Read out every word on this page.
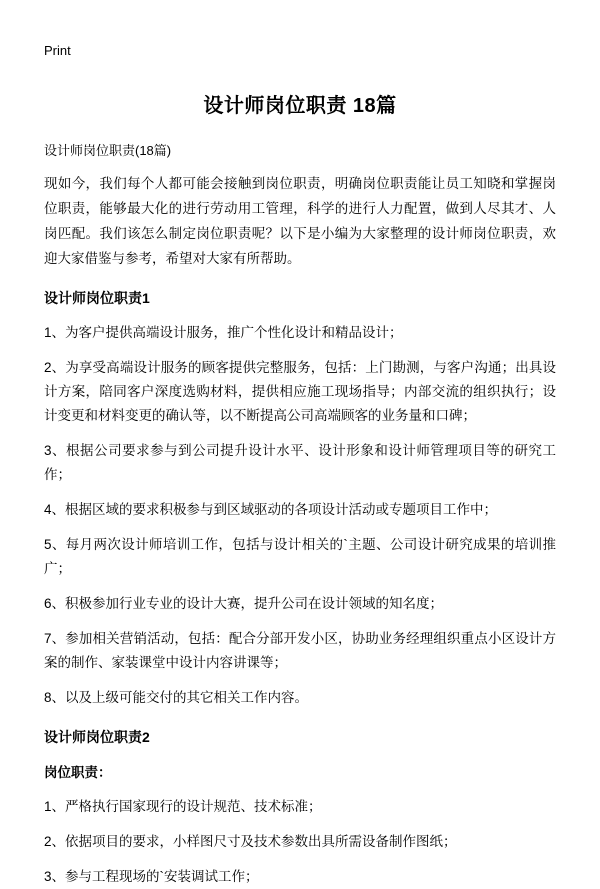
Print
设计师岗位职责 18篇
设计师岗位职责(18篇)

现如今，我们每个人都可能会接触到岗位职责，明确岗位职责能让员工知晓和掌握岗位职责，能够最大化的进行劳动用工管理，科学的进行人力配置，做到人尽其才、人岗匹配。我们该怎么制定岗位职责呢？以下是小编为大家整理的设计师岗位职责，欢迎大家借鉴与参考，希望对大家有所帮助。

设计师岗位职责1

1、为客户提供高端设计服务，推广个性化设计和精品设计；

2、为享受高端设计服务的顾客提供完整服务，包括：上门勘测，与客户沟通；出具设计方案，陪同客户深度选购材料，提供相应施工现场指导；内部交流的组织执行；设计变更和材料变更的确认等，以不断提高公司高端顾客的业务量和口碑；

3、根据公司要求参与到公司提升设计水平、设计形象和设计师管理项目等的研究工作；

4、根据区域的要求积极参与到区域驱动的各项设计活动或专题项目工作中；

5、每月两次设计师培训工作，包括与设计相关的`主题、公司设计研究成果的培训推广；

6、积极参加行业专业的设计大赛，提升公司在设计领域的知名度；

7、参加相关营销活动，包括：配合分部开发小区，协助业务经理组织重点小区设计方案的制作、家装课堂中设计内容讲课等；

8、以及上级可能交付的其它相关工作内容。

设计师岗位职责2
岗位职责：

1、严格执行国家现行的设计规范、技术标准；

2、依据项目的要求，小样图尺寸及技术参数出具所需设备制作图纸；

3、参与工程现场的`安装调试工作；
